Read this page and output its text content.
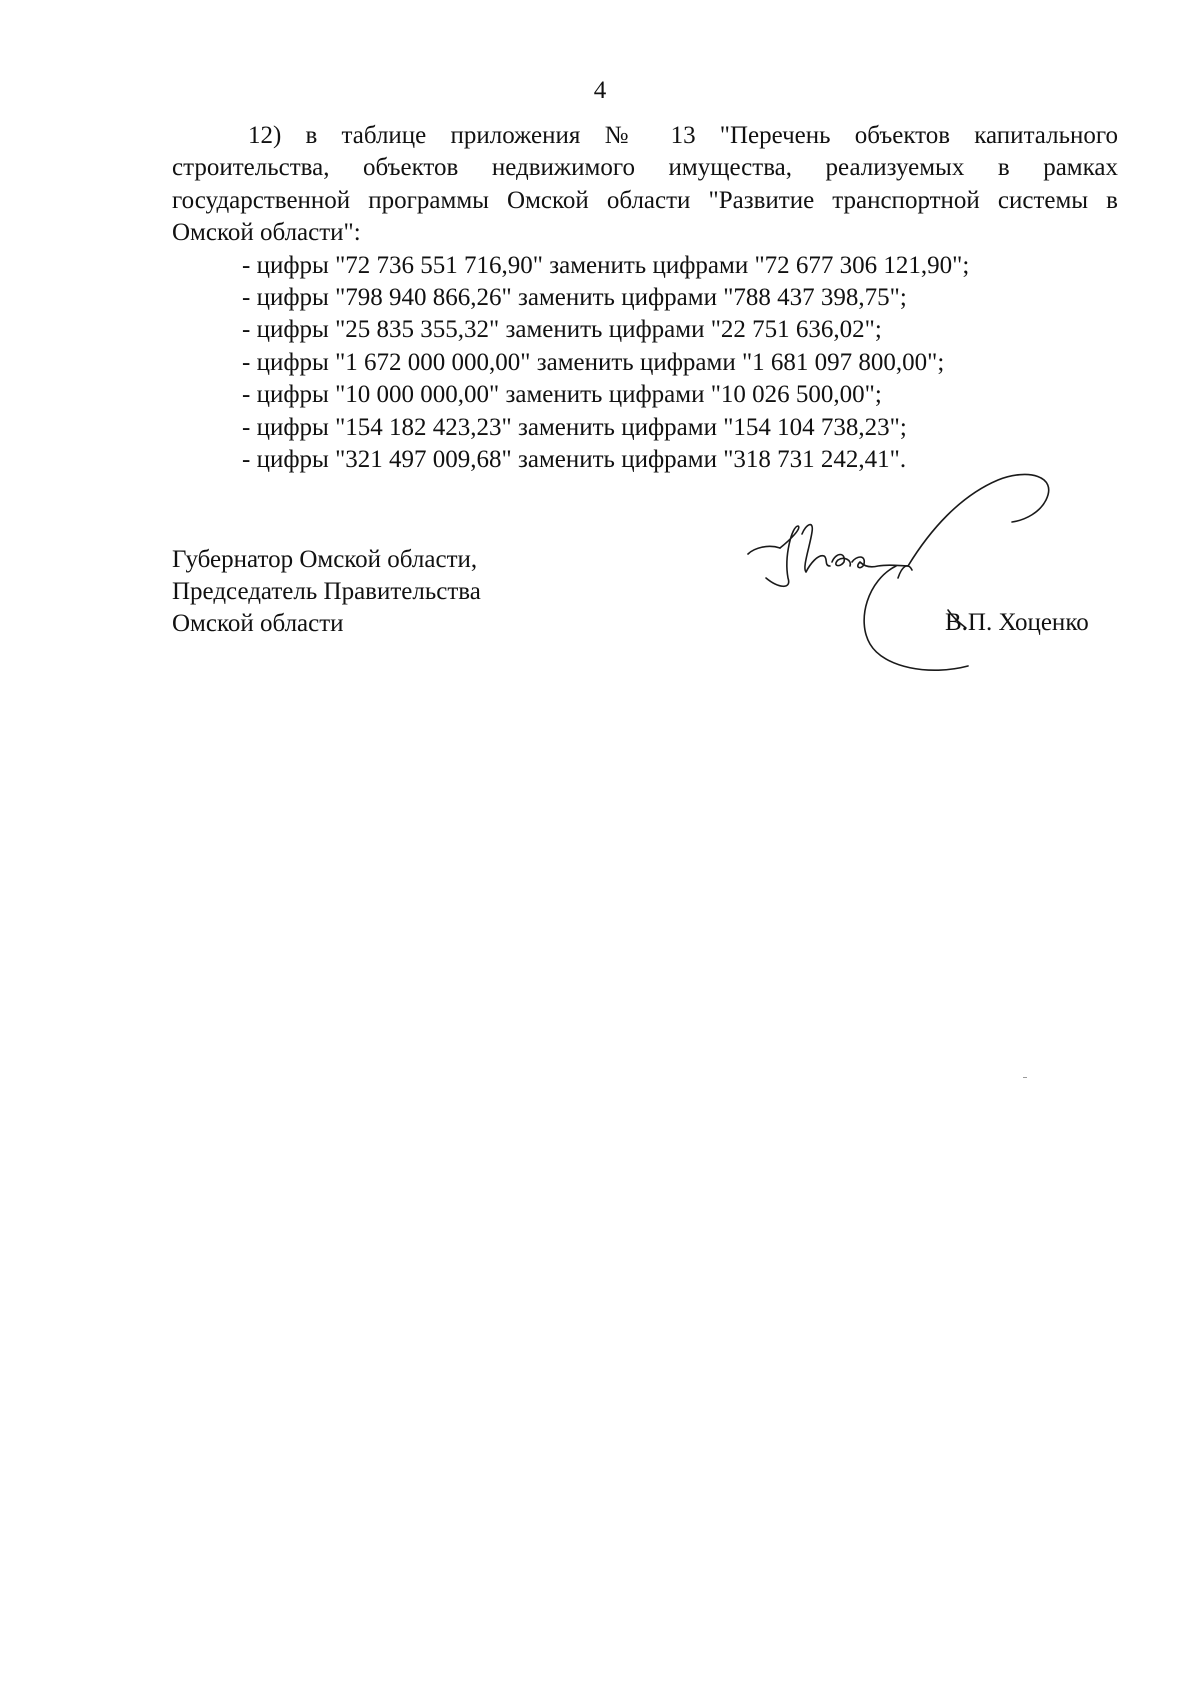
4

12) в таблице приложения № 13 "Перечень объектов капитального строительства, объектов недвижимого имущества, реализуемых в рамках государственной программы Омской области "Развитие транспортной системы в Омской области":

- цифры "72 736 551 716,90" заменить цифрами "72 677 306 121,90";
- цифры "798 940 866,26" заменить цифрами "788 437 398,75";
- цифры "25 835 355,32" заменить цифрами "22 751 636,02";
- цифры "1 672 000 000,00" заменить цифрами "1 681 097 800,00";
- цифры "10 000 000,00" заменить цифрами "10 026 500,00";
- цифры "154 182 423,23" заменить цифрами "154 104 738,23";
- цифры "321 497 009,68" заменить цифрами "318 731 242,41".
Губернатор Омской области,
Председатель Правительства
Омской области	В.П. Хоценко
